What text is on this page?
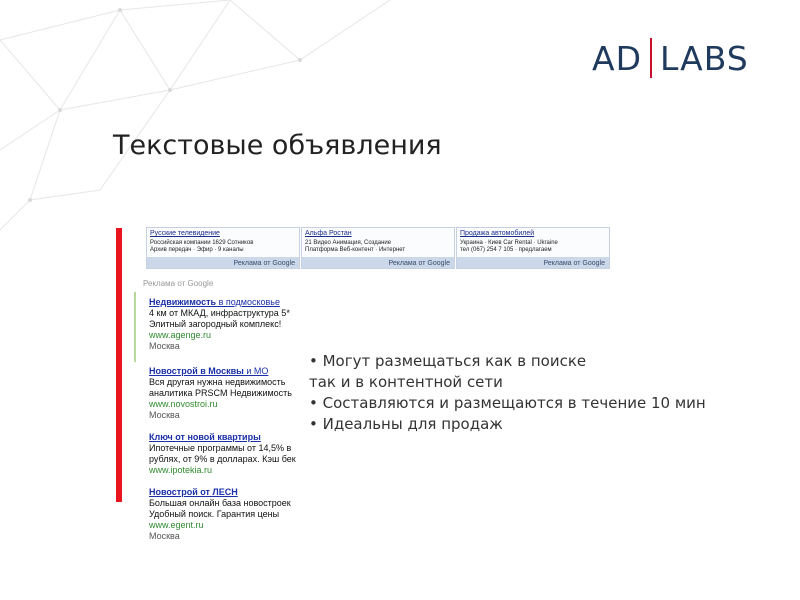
AD LABS
Текстовые объявления
Русские телевидение
Российская компании 1629 Сотников
Архив передач · Эфир · 9 каналы
Реклама от Google
Альфа Ростан
21 Видео Анимация, Создание
Платформа Веб-контент · Интернет
Реклама от Google
Продажа автомобилей
Украина · Киев Car Rental · Ukraine
тел (067) 254 7 105 · предлагаем
Реклама от Google
Реклама от Google
Недвижимость в подмосковье
4 км от МКАД, инфраструктура 5*
Элитный загородный комплекс!
www.agenge.ru
Москва
Новострой в Москвы и МО
Вся другая нужна недвижимость
аналитика PRSCM Недвижимость
www.novostroi.ru
Москва
Ключ от новой квартиры
Ипотечные программы от 14,5% в
рублях, от 9% в долларах. Кэш бек
www.ipotekia.ru
Новострой от ЛЕСН
Большая онлайн база новостроек
Удобный поиск. Гарантия цены
www.egent.ru
Москва
• Могут размещаться как в поиске
так и в контентной сети
• Составляются и размещаются в течение 10 мин
• Идеальны для продаж
